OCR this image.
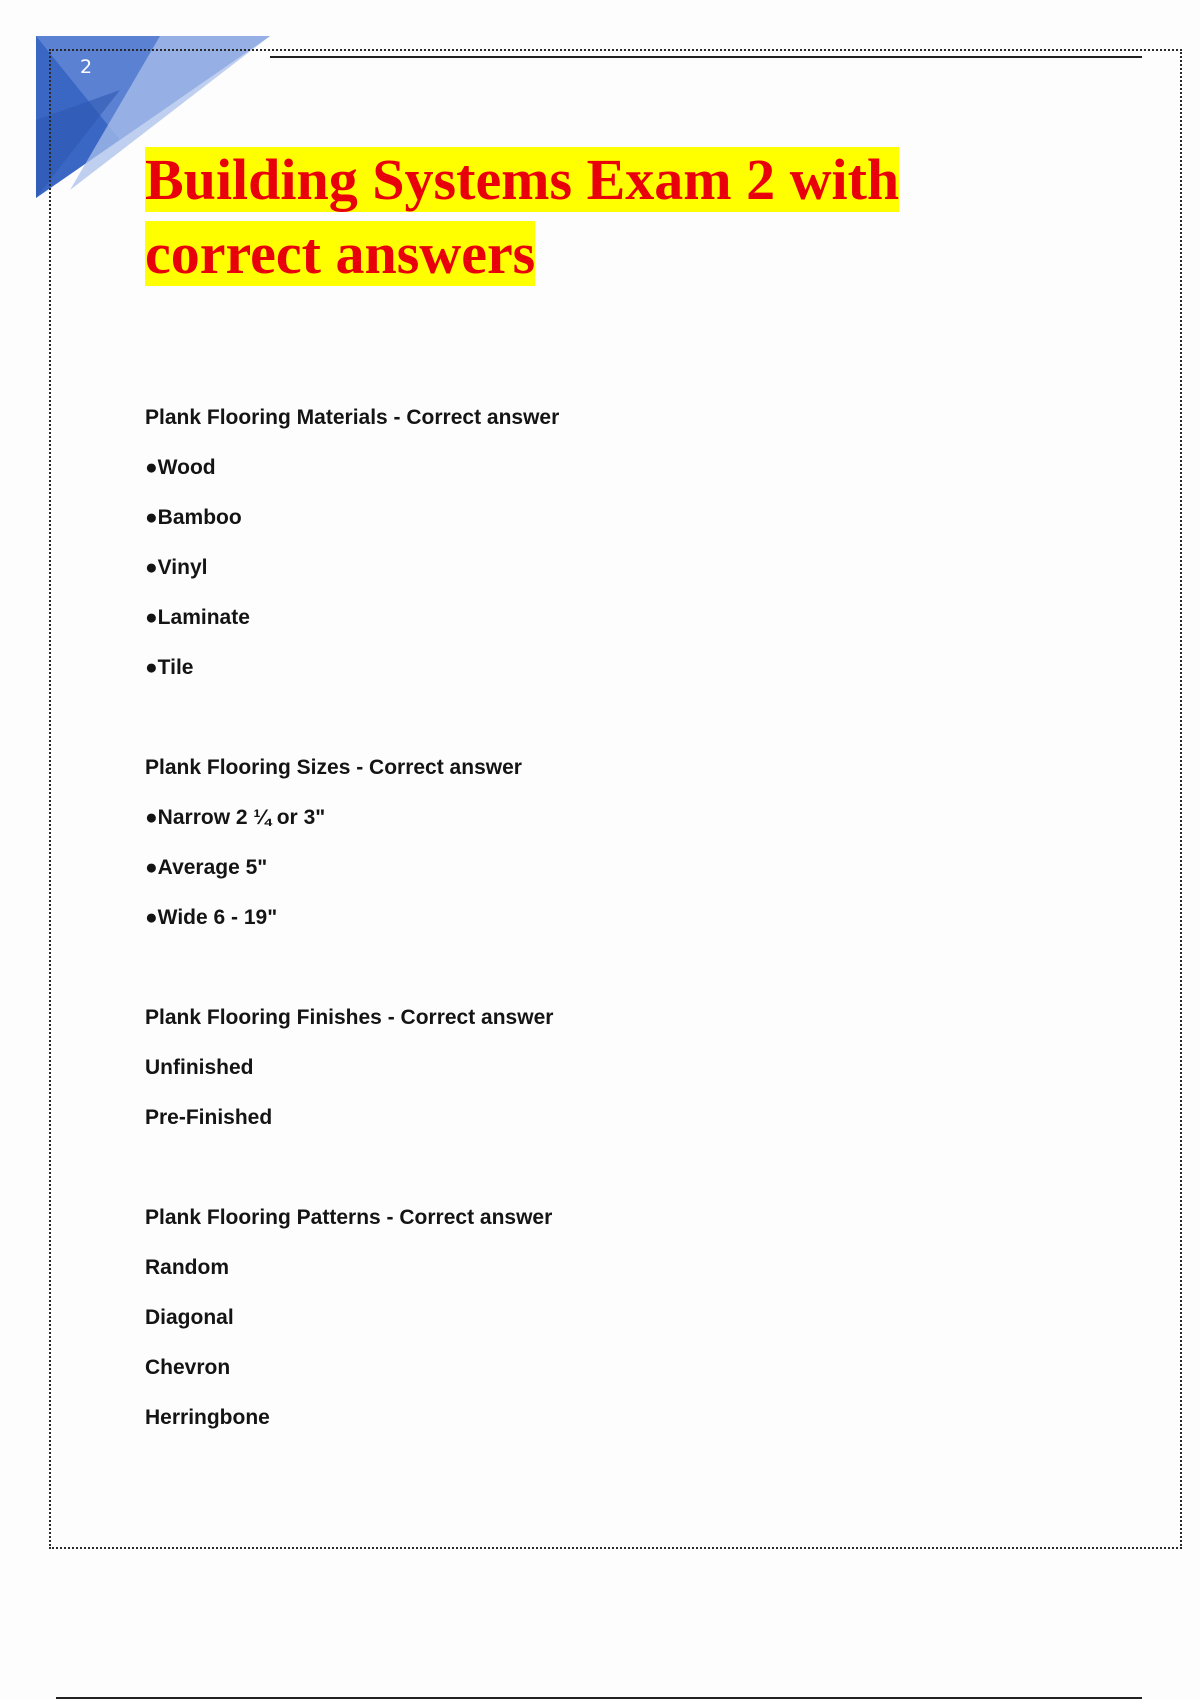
2
Building Systems Exam 2 with correct answers
Plank Flooring Materials - Correct answer
●Wood
●Bamboo
●Vinyl
●Laminate
●Tile
Plank Flooring Sizes - Correct answer
●Narrow 2 ¼ or 3"
●Average 5"
●Wide 6 - 19"
Plank Flooring Finishes - Correct answer
Unfinished
Pre-Finished
Plank Flooring Patterns - Correct answer
Random
Diagonal
Chevron
Herringbone
